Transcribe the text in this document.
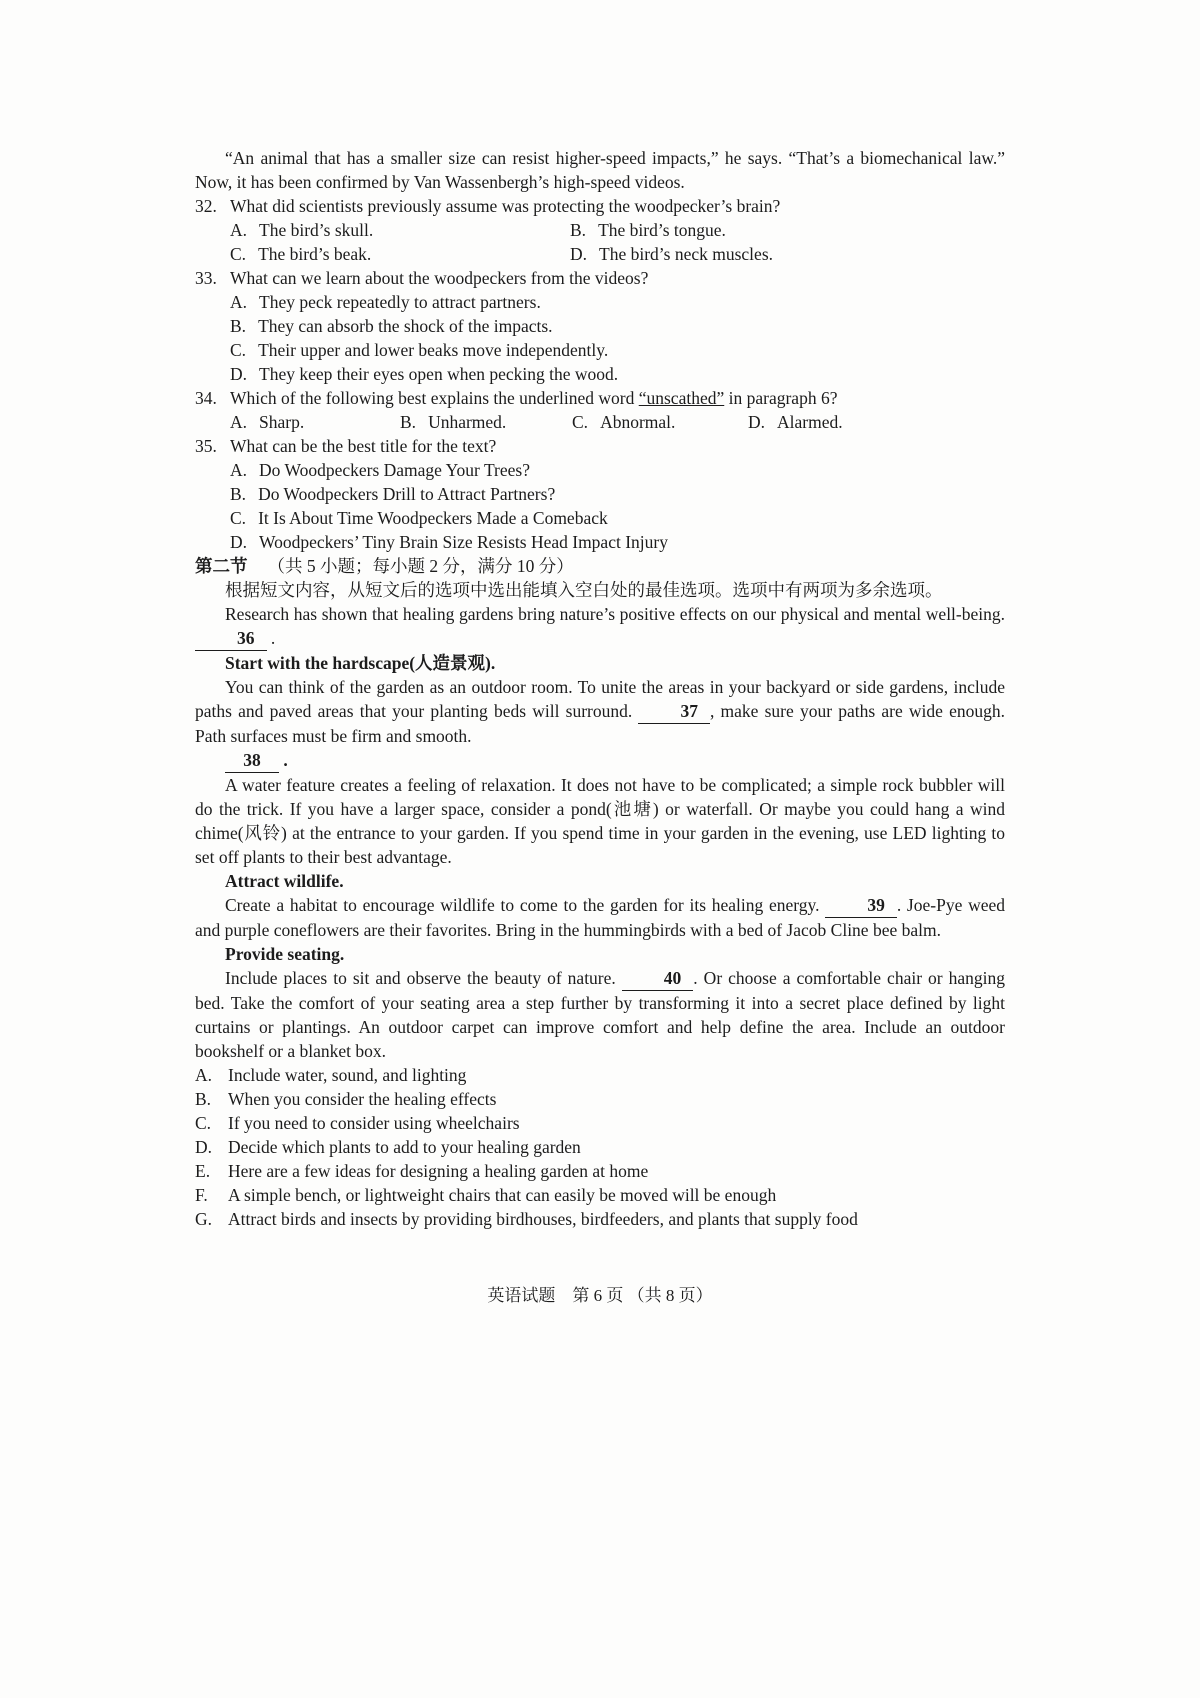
“An animal that has a smaller size can resist higher-speed impacts,” he says. “That’s a biomechanical law.” Now, it has been confirmed by Van Wassenbergh’s high-speed videos.

32. What did scientists previously assume was protecting the woodpecker’s brain?
A. The bird’s skull.	B. The bird’s tongue.
C. The bird’s beak.	D. The bird’s neck muscles.
33. What can we learn about the woodpeckers from the videos?
A. They peck repeatedly to attract partners.
B. They can absorb the shock of the impacts.
C. Their upper and lower beaks move independently.
D. They keep their eyes open when pecking the wood.
34. Which of the following best explains the underlined word “unscathed” in paragraph 6?
A. Sharp.	B. Unharmed.	C. Abnormal.	D. Alarmed.
35. What can be the best title for the text?
A. Do Woodpeckers Damage Your Trees?
B. Do Woodpeckers Drill to Attract Partners?
C. It Is About Time Woodpeckers Made a Comeback
D. Woodpeckers’ Tiny Brain Size Resists Head Impact Injury
第二节 （共 5 小题；每小题 2 分，满分 10 分）

根据短文内容，从短文后的选项中选出能填入空白处的最佳选项。选项中有两项为多余选项。

Research has shown that healing gardens bring nature’s positive effects on our physical and mental well-being. 36 .

Start with the hardscape(人造景观).

You can think of the garden as an outdoor room. To unite the areas in your backyard or side gardens, include paths and paved areas that your planting beds will surround.	37 , make sure your paths are wide enough. Path surfaces must be firm and smooth.

38 .

A water feature creates a feeling of relaxation. It does not have to be complicated; a simple rock bubbler will do the trick. If you have a larger space, consider a pond(池塘) or waterfall. Or maybe you could hang a wind chime(风铃) at the entrance to your garden. If you spend time in your garden in the evening, use LED lighting to set off plants to their best advantage.

Attract wildlife.

Create a habitat to encourage wildlife to come to the garden for its healing energy.	39 . Joe-Pye weed and purple coneflowers are their favorites. Bring in the hummingbirds with a bed of Jacob Cline bee balm.

Provide seating.

Include places to sit and observe the beauty of nature.	40 . Or choose a comfortable chair or hanging bed. Take the comfort of your seating area a step further by transforming it into a secret place defined by light curtains or plantings. An outdoor carpet can improve comfort and help define the area. Include an outdoor bookshelf or a blanket box.

A. Include water, sound, and lighting
B. When you consider the healing effects
C. If you need to consider using wheelchairs
D. Decide which plants to add to your healing garden
E.	Here are a few ideas for designing a healing garden at home
F.	A simple bench, or lightweight chairs that can easily be moved will be enough
G. Attract birds and insects by providing birdhouses, birdfeeders, and plants that supply food
英语试题　第 6 页 （共 8 页）
